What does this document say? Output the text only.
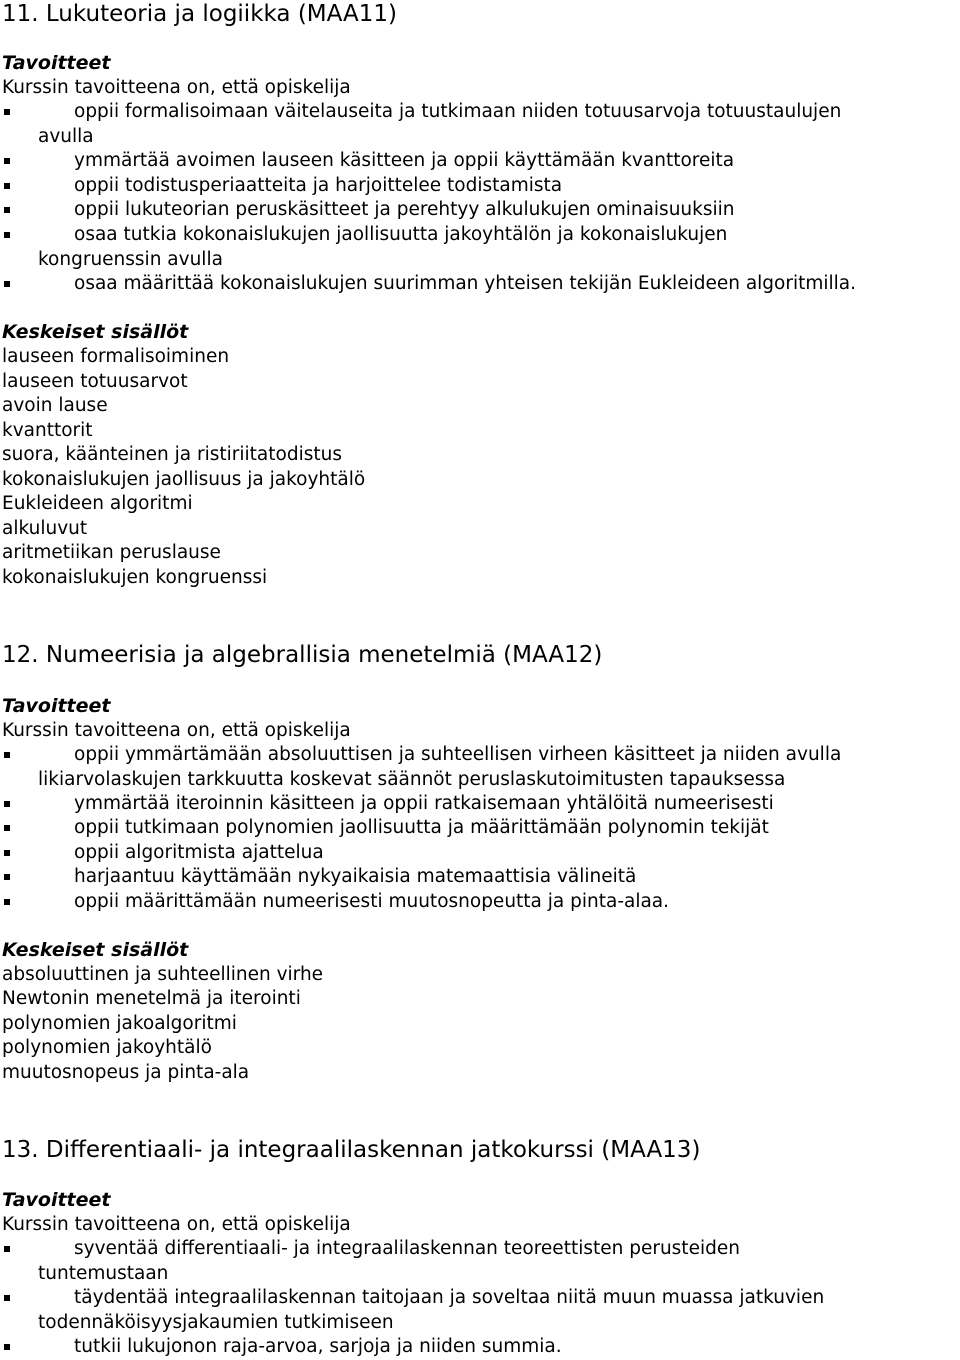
11. Lukuteoria ja logiikka (MAA11)
Tavoitteet
Kurssin tavoitteena on, että opiskelija
oppii formalisoimaan väitelauseita ja tutkimaan niiden totuusarvoja totuustaulujen
avulla
ymmärtää avoimen lauseen käsitteen ja oppii käyttämään kvanttoreita
oppii todistusperiaatteita ja harjoittelee todistamista
oppii lukuteorian peruskäsitteet ja perehtyy alkulukujen ominaisuuksiin
osaa tutkia kokonaislukujen jaollisuutta jakoyhtälön ja kokonaislukujen
kongruenssin avulla
osaa määrittää kokonaislukujen suurimman yhteisen tekijän Eukleideen algoritmilla.
Keskeiset sisällöt
lauseen formalisoiminen
lauseen totuusarvot
avoin lause
kvanttorit
suora, käänteinen ja ristiriitatodistus
kokonaislukujen jaollisuus ja jakoyhtälö
Eukleideen algoritmi
alkuluvut
aritmetiikan peruslause
kokonaislukujen kongruenssi
12. Numeerisia ja algebrallisia menetelmiä (MAA12)
Tavoitteet
Kurssin tavoitteena on, että opiskelija
oppii ymmärtämään absoluuttisen ja suhteellisen virheen käsitteet ja niiden avulla
likiarvolaskujen tarkkuutta koskevat säännöt peruslaskutoimitusten tapauksessa
ymmärtää iteroinnin käsitteen ja oppii ratkaisemaan yhtälöitä numeerisesti
oppii tutkimaan polynomien jaollisuutta ja määrittämään polynomin tekijät
oppii algoritmista ajattelua
harjaantuu käyttämään nykyaikaisia matemaattisia välineitä
oppii määrittämään numeerisesti muutosnopeutta ja pinta-alaa.
Keskeiset sisällöt
absoluuttinen ja suhteellinen virhe
Newtonin menetelmä ja iterointi
polynomien jakoalgoritmi
polynomien jakoyhtälö
muutosnopeus ja pinta-ala
13. Differentiaali- ja integraalilaskennan jatkokurssi (MAA13)
Tavoitteet
Kurssin tavoitteena on, että opiskelija
syventää differentiaali- ja integraalilaskennan teoreettisten perusteiden
tuntemustaan
täydentää integraalilaskennan taitojaan ja soveltaa niitä muun muassa jatkuvien
todennäköisyysjakaumien tutkimiseen
tutkii lukujonon raja-arvoa, sarjoja ja niiden summia.
